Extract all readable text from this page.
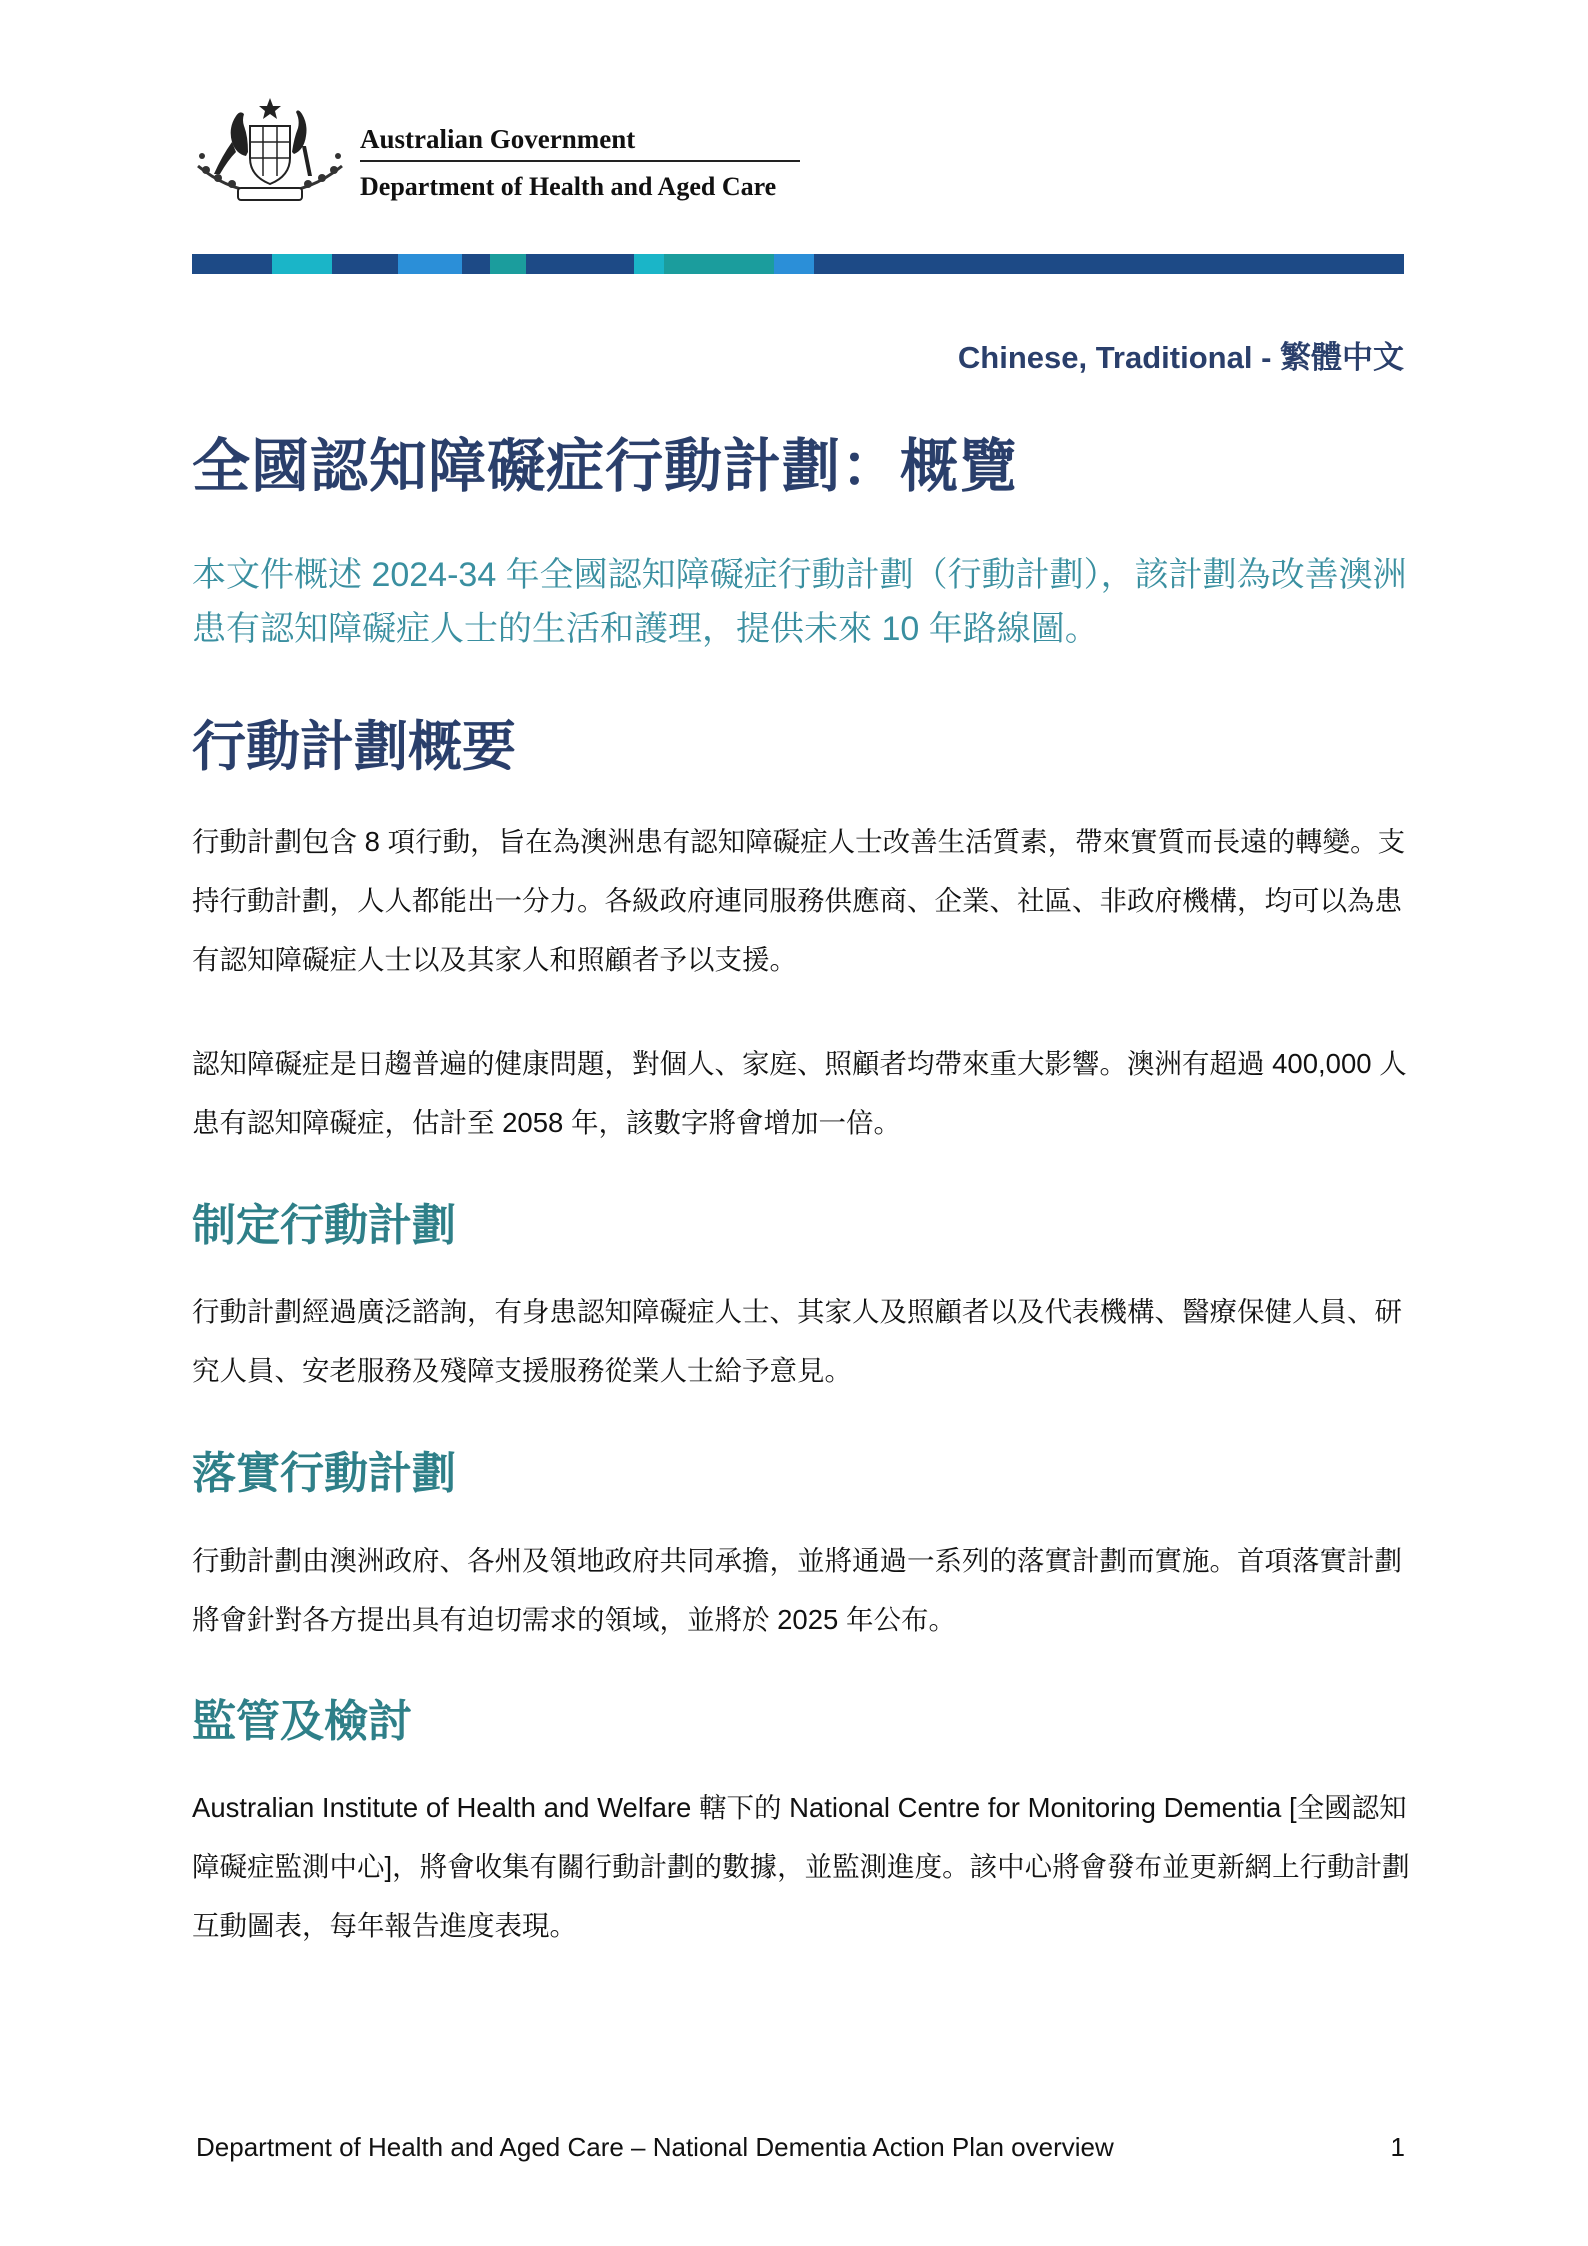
Australian Government
Department of Health and Aged Care
Chinese, Traditional - 繁體中文
全國認知障礙症行動計劃：概覽

本文件概述 2024-34 年全國認知障礙症行動計劃（行動計劃），該計劃為改善澳洲患有認知障礙症人士的生活和護理，提供未來 10 年路線圖。

行動計劃概要

行動計劃包含 8 項行動，旨在為澳洲患有認知障礙症人士改善生活質素，帶來實質而長遠的轉變。支持行動計劃，人人都能出一分力。各級政府連同服務供應商、企業、社區、非政府機構，均可以為患有認知障礙症人士以及其家人和照顧者予以支援。

認知障礙症是日趨普遍的健康問題，對個人、家庭、照顧者均帶來重大影響。澳洲有超過 400,000 人患有認知障礙症，估計至 2058 年，該數字將會增加一倍。

制定行動計劃

行動計劃經過廣泛諮詢，有身患認知障礙症人士、其家人及照顧者以及代表機構、醫療保健人員、研究人員、安老服務及殘障支援服務從業人士給予意見。

落實行動計劃

行動計劃由澳洲政府、各州及領地政府共同承擔，並將通過一系列的落實計劃而實施。首項落實計劃將會針對各方提出具有迫切需求的領域，並將於 2025 年公布。

監管及檢討

Australian Institute of Health and Welfare 轄下的 National Centre for Monitoring Dementia [全國認知障礙症監測中心]，將會收集有關行動計劃的數據，並監測進度。該中心將會發布並更新網上行動計劃互動圖表，每年報告進度表現。

Department of Health and Aged Care – National Dementia Action Plan overview	1
